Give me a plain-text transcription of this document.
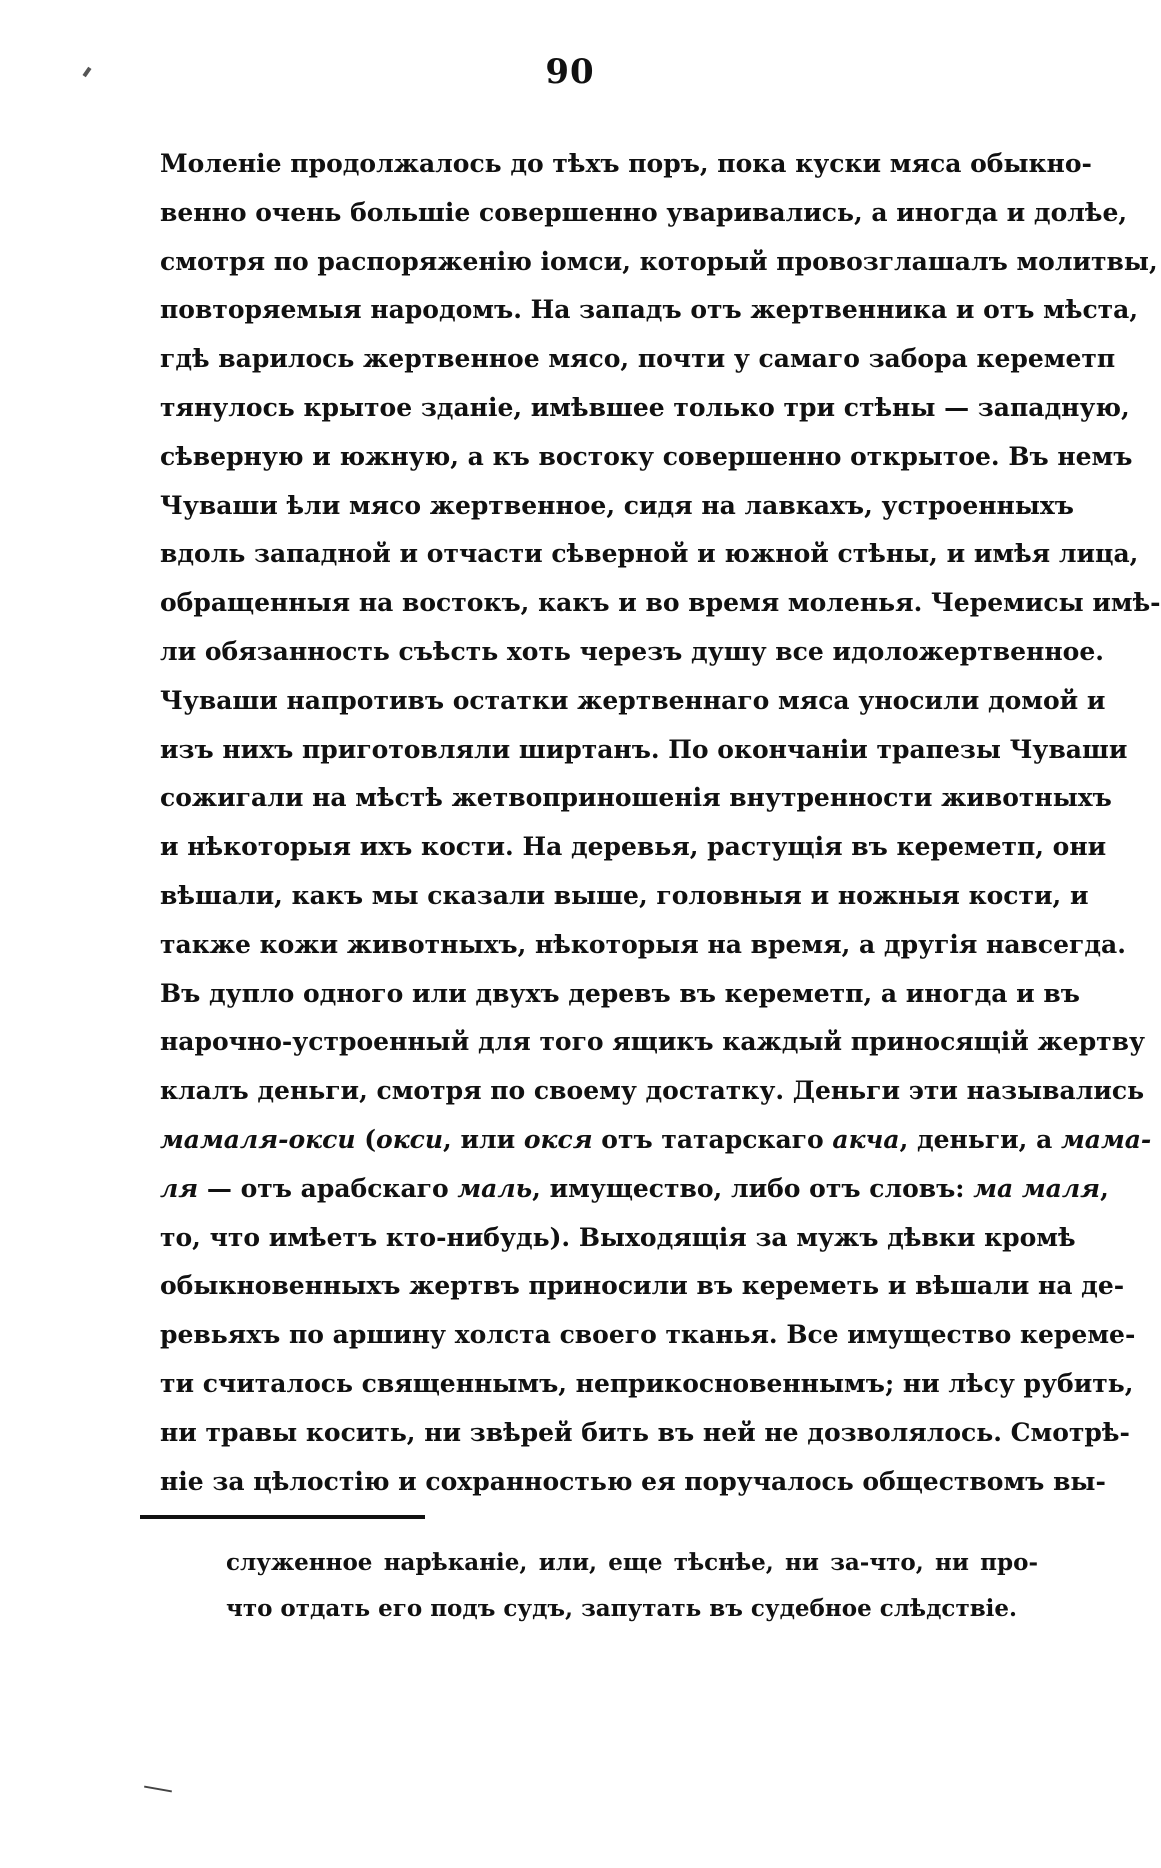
90
Моленіе продолжалось до тѣхъ поръ, пока куски мяса обыкно-
венно очень большіе совершенно уваривались, а иногда и долѣе,
смотря по распоряженію іомси, который провозглашалъ молитвы,
повторяемыя народомъ. На западъ отъ жертвенника и отъ мѣста,
гдѣ варилось жертвенное мясо, почти у самаго забора кереметп
тянулось крытое зданіе, имѣвшее только три стѣны — западную,
сѣверную и южную, а къ востоку совершенно открытое. Въ немъ
Чуваши ѣли мясо жертвенное, сидя на лавкахъ, устроенныхъ
вдоль западной и отчасти сѣверной и южной стѣны, и имѣя лица,
обращенныя на востокъ, какъ и во время моленья. Черемисы имѣ-
ли обязанность съѣсть хоть черезъ душу все идоложертвенное.
Чуваши напротивъ остатки жертвеннаго мяса уносили домой и
изъ нихъ приготовляли ширтанъ. По окончаніи трапезы Чуваши
сожигали на мѣстѣ жетвоприношенія внутренности животныхъ
и нѣкоторыя ихъ кости. На деревья, растущія въ кереметп, они
вѣшали, какъ мы сказали выше, головныя и ножныя кости, и
также кожи животныхъ, нѣкоторыя на время, а другія навсегда.
Въ дупло одного или двухъ деревъ въ кереметп, а иногда и въ
нарочно-устроенный для того ящикъ каждый приносящій жертву
клалъ деньги, смотря по своему достатку. Деньги эти назывались
мамаля-окси (окси, или окся отъ татарскаго акча, деньги, а мама-
ля — отъ арабскаго маль, имущество, либо отъ словъ: ма маля,
то, что имѣетъ кто-нибудь). Выходящія за мужъ дѣвки кромѣ
обыкновенныхъ жертвъ приносили въ кереметь и вѣшали на де-
ревьяхъ по аршину холста своего тканья. Все имущество кереме-
ти считалось священнымъ, неприкосновеннымъ; ни лѣсу рубить,
ни травы косить, ни звѣрей бить въ ней не дозволялось. Смотрѣ-
ніе за цѣлостію и сохранностью ея поручалось обществомъ вы-
служенное нарѣканіе, или, еще тѣснѣе, ни за-что, ни про-
что отдать его подъ судъ, запутать въ судебное слѣдствіе.
